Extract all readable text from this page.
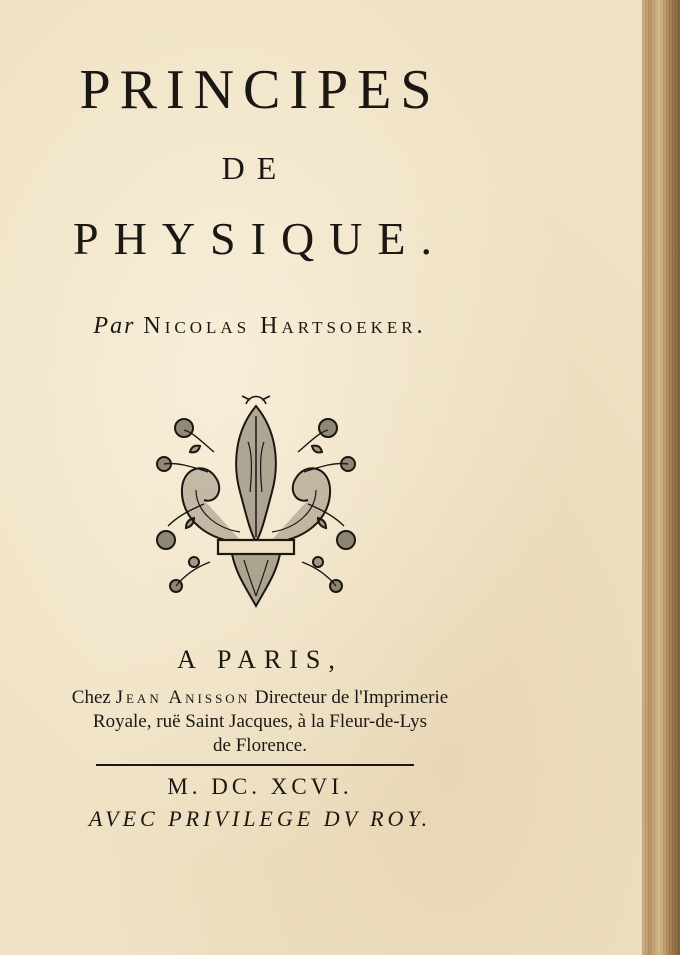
PRINCIPES
DE
PHYSIQUE.
Par Nicolas Hartsoeker.
A PARIS,
Chez Jean Anisson Directeur de l'Imprimerie
Royale, ruë Saint Jacques, à la Fleur-de-Lys
de Florence.
M. DC. XCVI.
AVEC PRIVILEGE DV ROY.
